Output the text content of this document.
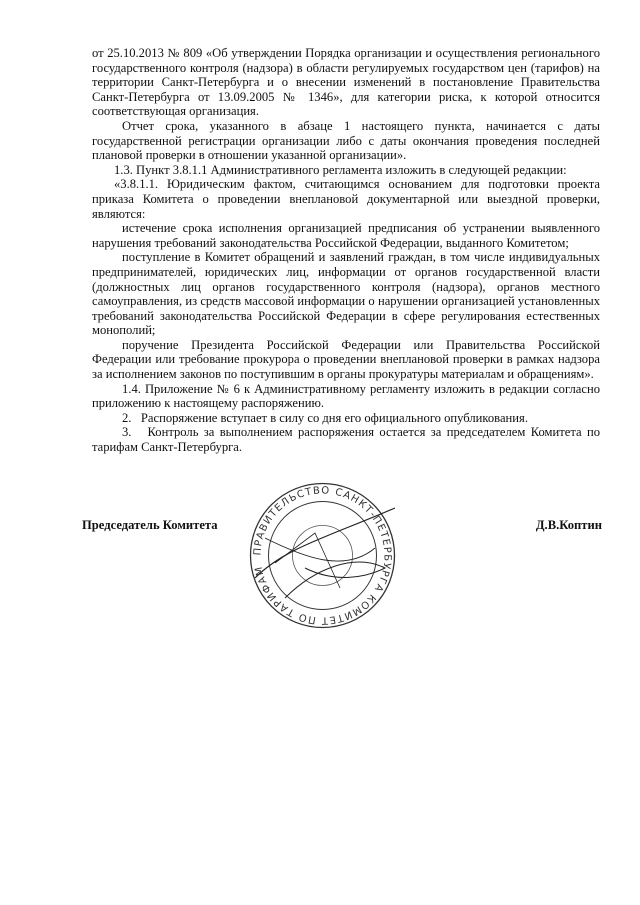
от 25.10.2013 № 809 «Об утверждении Порядка организации и осуществления регионального государственного контроля (надзора) в области регулируемых государством цен (тарифов) на территории Санкт-Петербурга и о внесении изменений в постановление Правительства Санкт-Петербурга от 13.09.2005 № 1346», для категории риска, к которой относится соответствующая организация.

Отчет срока, указанного в абзаце 1 настоящего пункта, начинается с даты государственной регистрации организации либо с даты окончания проведения последней плановой проверки в отношении указанной организации».

1.3. Пункт 3.8.1.1 Административного регламента изложить в следующей редакции:

«3.8.1.1. Юридическим фактом, считающимся основанием для подготовки проекта приказа Комитета о проведении внеплановой документарной или выездной проверки, являются:

истечение срока исполнения организацией предписания об устранении выявленного нарушения требований законодательства Российской Федерации, выданного Комитетом;

поступление в Комитет обращений и заявлений граждан, в том числе индивидуальных предпринимателей, юридических лиц, информации от органов государственной власти (должностных лиц органов государственного контроля (надзора), органов местного самоуправления, из средств массовой информации о нарушении организацией установленных требований законодательства Российской Федерации в сфере регулирования естественных монополий;

поручение Президента Российской Федерации или Правительства Российской Федерации или требование прокурора о проведении внеплановой проверки в рамках надзора за исполнением законов по поступившим в органы прокуратуры материалам и обращениям».

1.4. Приложение № 6 к Административному регламенту изложить в редакции согласно приложению к настоящему распоряжению.

2.   Распоряжение вступает в силу со дня его официального опубликования.

3.   Контроль за выполнением распоряжения остается за председателем Комитета по тарифам Санкт-Петербурга.

Председатель Комитета	Д.В.Коптин
ПРАВИТЕЛЬСТВО САНКТ-ПЕТЕРБУРГА КОМИТЕТ ПО ТАРИФАМ
